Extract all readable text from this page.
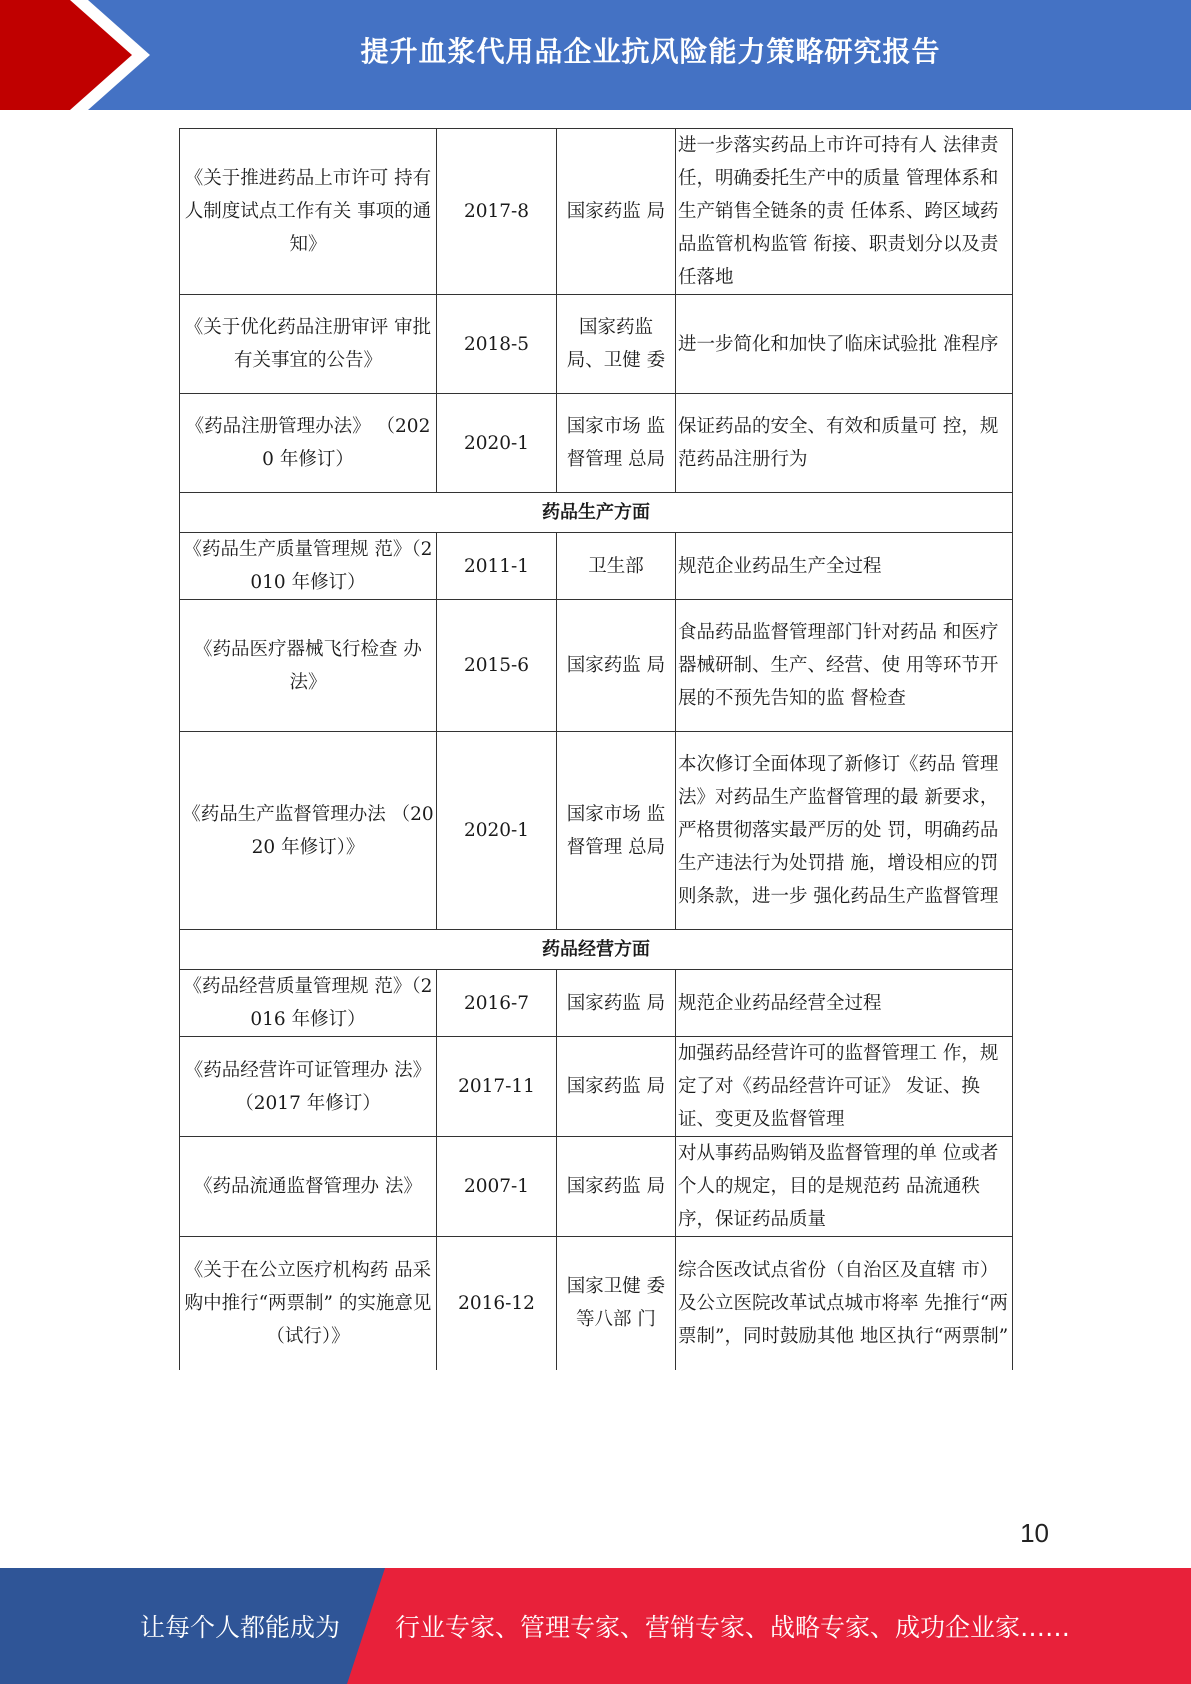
提升血浆代用品企业抗风险能力策略研究报告
《关于推进药品上市许可 持有人制度试点工作有关 事项的通知》	2017-8	国家药监 局	进一步落实药品上市许可持有人 法律责任，明确委托生产中的质量 管理体系和生产销售全链条的责 任体系、跨区域药品监管机构监管 衔接、职责划分以及责任落地
《关于优化药品注册审评 审批有关事宜的公告》	2018-5	国家药监 局、卫健 委	进一步简化和加快了临床试验批 准程序
《药品注册管理办法》 （2020 年修订）	2020-1	国家市场 监督管理 总局	保证药品的安全、有效和质量可 控，规范药品注册行为
药品生产方面			
《药品生产质量管理规 范》（2010 年修订）	2011-1	卫生部	规范企业药品生产全过程
《药品医疗器械飞行检查 办法》	2015-6	国家药监 局	食品药品监督管理部门针对药品 和医疗器械研制、生产、经营、使 用等环节开展的不预先告知的监 督检查
《药品生产监督管理办法 （2020 年修订）》	2020-1	国家市场 监督管理 总局	本次修订全面体现了新修订《药品 管理法》对药品生产监督管理的最 新要求，严格贯彻落实最严厉的处 罚，明确药品生产违法行为处罚措 施，增设相应的罚则条款，进一步 强化药品生产监督管理
药品经营方面			
《药品经营质量管理规 范》（2016 年修订）	2016-7	国家药监 局	规范企业药品经营全过程
《药品经营许可证管理办 法》（2017 年修订）	2017-11	国家药监 局	加强药品经营许可的监督管理工 作，规定了对《药品经营许可证》 发证、换证、变更及监督管理
《药品流通监督管理办 法》	2007-1	国家药监 局	对从事药品购销及监督管理的单 位或者个人的规定，目的是规范药 品流通秩序，保证药品质量
《关于在公立医疗机构药 品采购中推行“两票制” 的实施意见（试行）》	2016-12	国家卫健 委等八部 门	综合医改试点省份（自治区及直辖 市）及公立医院改革试点城市将率 先推行“两票制”，同时鼓励其他 地区执行“两票制”
10
让每个人都能成为	行业专家、管理专家、营销专家、战略专家、成功企业家……
